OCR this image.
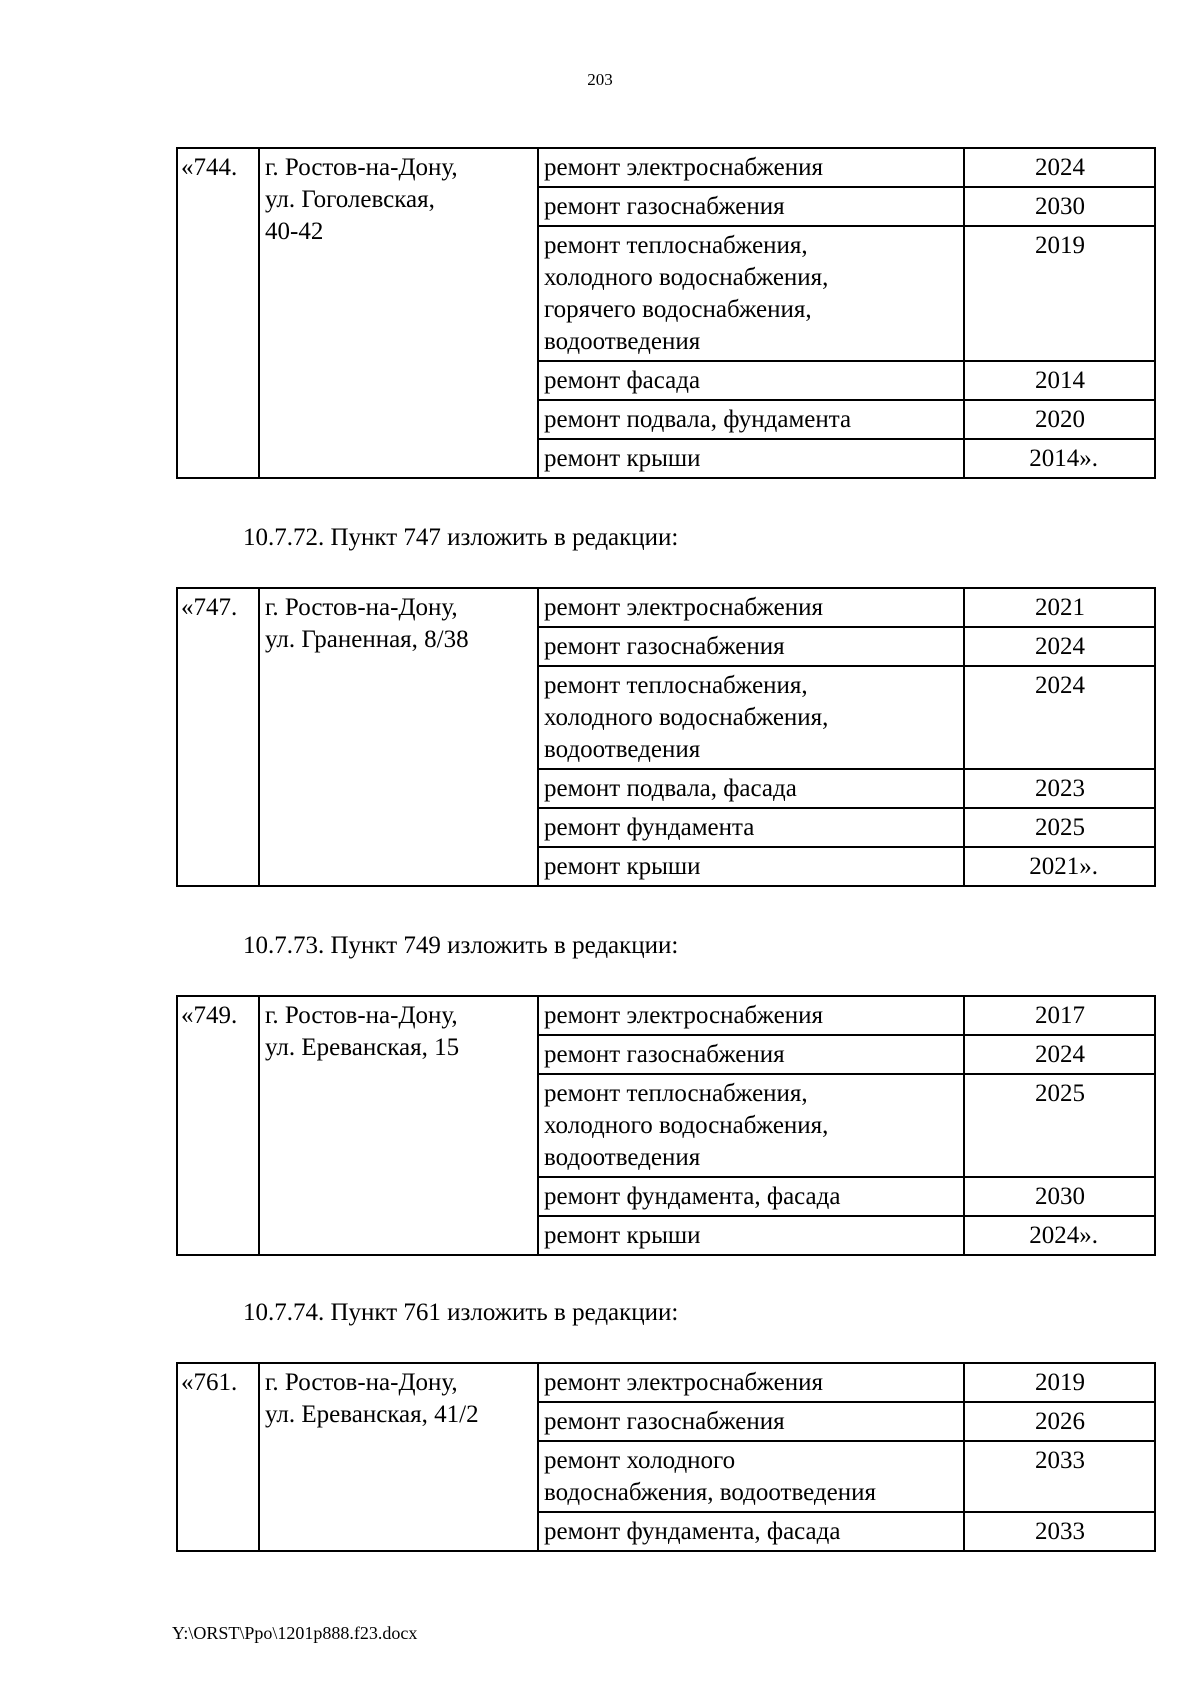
203
«744.	г. Ростов-на-Дону,
ул. Гоголевская,
40-42	ремонт электроснабжения	2024

		ремонт газоснабжения	2030

		ремонт теплоснабжения,
холодного водоснабжения,
горячего водоснабжения,
водоотведения	2019

		ремонт фасада	2014

		ремонт подвала, фундамента	2020

		ремонт крыши	2014».
10.7.72. Пункт 747 изложить в редакции:
«747.	г. Ростов-на-Дону,
ул. Граненная, 8/38	ремонт электроснабжения	2021

		ремонт газоснабжения	2024

		ремонт теплоснабжения,
холодного водоснабжения,
водоотведения	2024

		ремонт подвала, фасада	2023

		ремонт фундамента	2025

		ремонт крыши	2021».
10.7.73. Пункт 749 изложить в редакции:
«749.	г. Ростов-на-Дону,
ул. Ереванская, 15	ремонт электроснабжения	2017

		ремонт газоснабжения	2024

		ремонт теплоснабжения,
холодного водоснабжения,
водоотведения	2025

		ремонт фундамента, фасада	2030

		ремонт крыши	2024».
10.7.74. Пункт 761 изложить в редакции:
«761.	г. Ростов-на-Дону,
ул. Ереванская, 41/2	ремонт электроснабжения	2019

		ремонт газоснабжения	2026

		ремонт холодного
водоснабжения, водоотведения	2033

		ремонт фундамента, фасада	2033
Y:\ORST\Ppo\1201p888.f23.docx
